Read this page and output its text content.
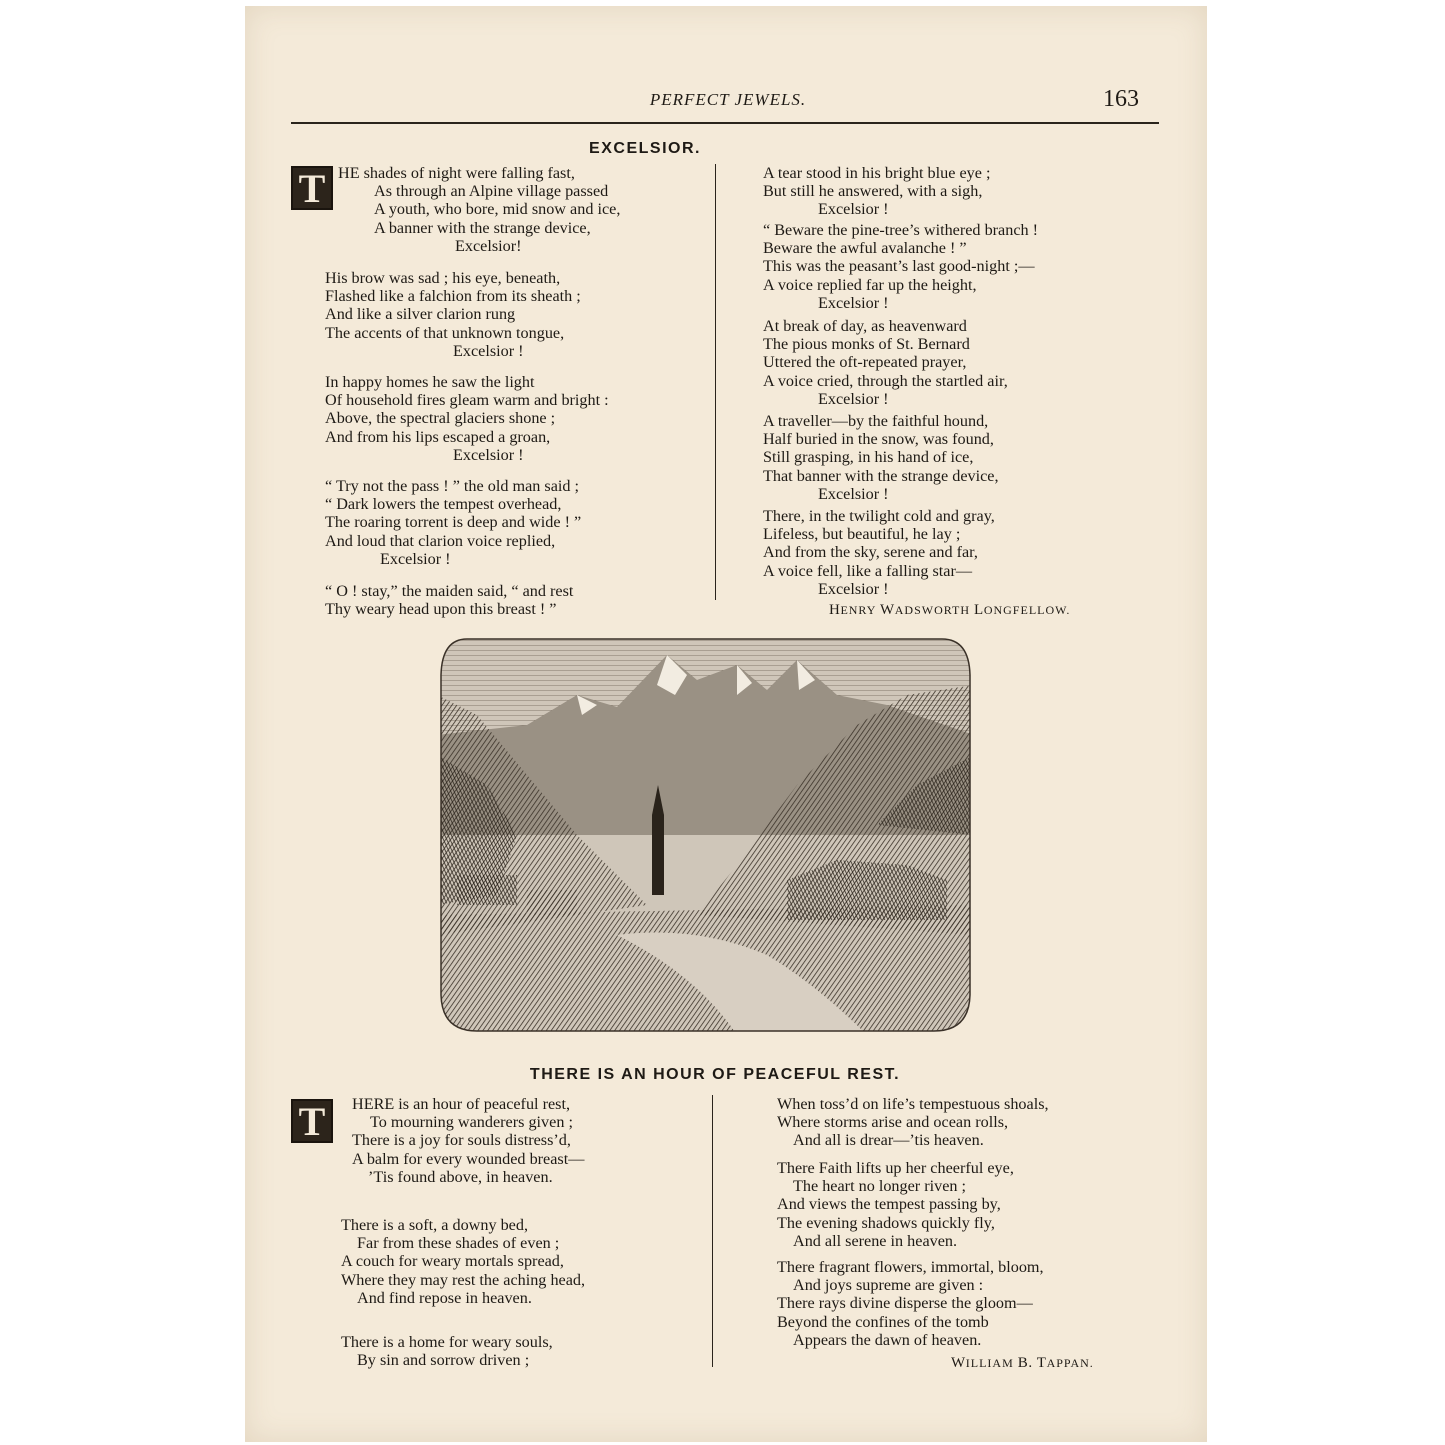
PERFECT JEWELS.	163
EXCELSIOR.
T HE shades of night were falling fast,
As through an Alpine village passed
A youth, who bore, mid snow and ice,
A banner with the strange device,
Excelsior!
His brow was sad ; his eye, beneath,
Flashed like a falchion from its sheath ;
And like a silver clarion rung
The accents of that unknown tongue,
Excelsior !
In happy homes he saw the light
Of household fires gleam warm and bright :
Above, the spectral glaciers shone ;
And from his lips escaped a groan,
Excelsior !
“ Try not the pass ! ” the old man said ;
“ Dark lowers the tempest overhead,
The roaring torrent is deep and wide ! ”
And loud that clarion voice replied,
Excelsior !
“ O ! stay,” the maiden said, “ and rest
Thy weary head upon this breast ! ”
A tear stood in his bright blue eye ;
But still he answered, with a sigh,
Excelsior !
“ Beware the pine-tree’s withered branch !
Beware the awful avalanche ! ”
This was the peasant’s last good-night ;—
A voice replied far up the height,
Excelsior !
At break of day, as heavenward
The pious monks of St. Bernard
Uttered the oft-repeated prayer,
A voice cried, through the startled air,
Excelsior !
A traveller—by the faithful hound,
Half buried in the snow, was found,
Still grasping, in his hand of ice,
That banner with the strange device,
Excelsior !
There, in the twilight cold and gray,
Lifeless, but beautiful, he lay ;
And from the sky, serene and far,
A voice fell, like a falling star—
Excelsior !
HENRY WADSWORTH LONGFELLOW.
THERE IS AN HOUR OF PEACEFUL REST.
T	HERE is an hour of peaceful rest,
To mourning wanderers given ;
There is a joy for souls distress’d,
A balm for every wounded breast—
’Tis found above, in heaven.
There is a soft, a downy bed,
Far from these shades of even ;
A couch for weary mortals spread,
Where they may rest the aching head,
And find repose in heaven.
There is a home for weary souls,
By sin and sorrow driven ;
When toss’d on life’s tempestuous shoals,
Where storms arise and ocean rolls,
And all is drear—’tis heaven.
There Faith lifts up her cheerful eye,
The heart no longer riven ;
And views the tempest passing by,
The evening shadows quickly fly,
And all serene in heaven.
There fragrant flowers, immortal, bloom,
And joys supreme are given :
There rays divine disperse the gloom—
Beyond the confines of the tomb
Appears the dawn of heaven.
WILLIAM B. TAPPAN.
